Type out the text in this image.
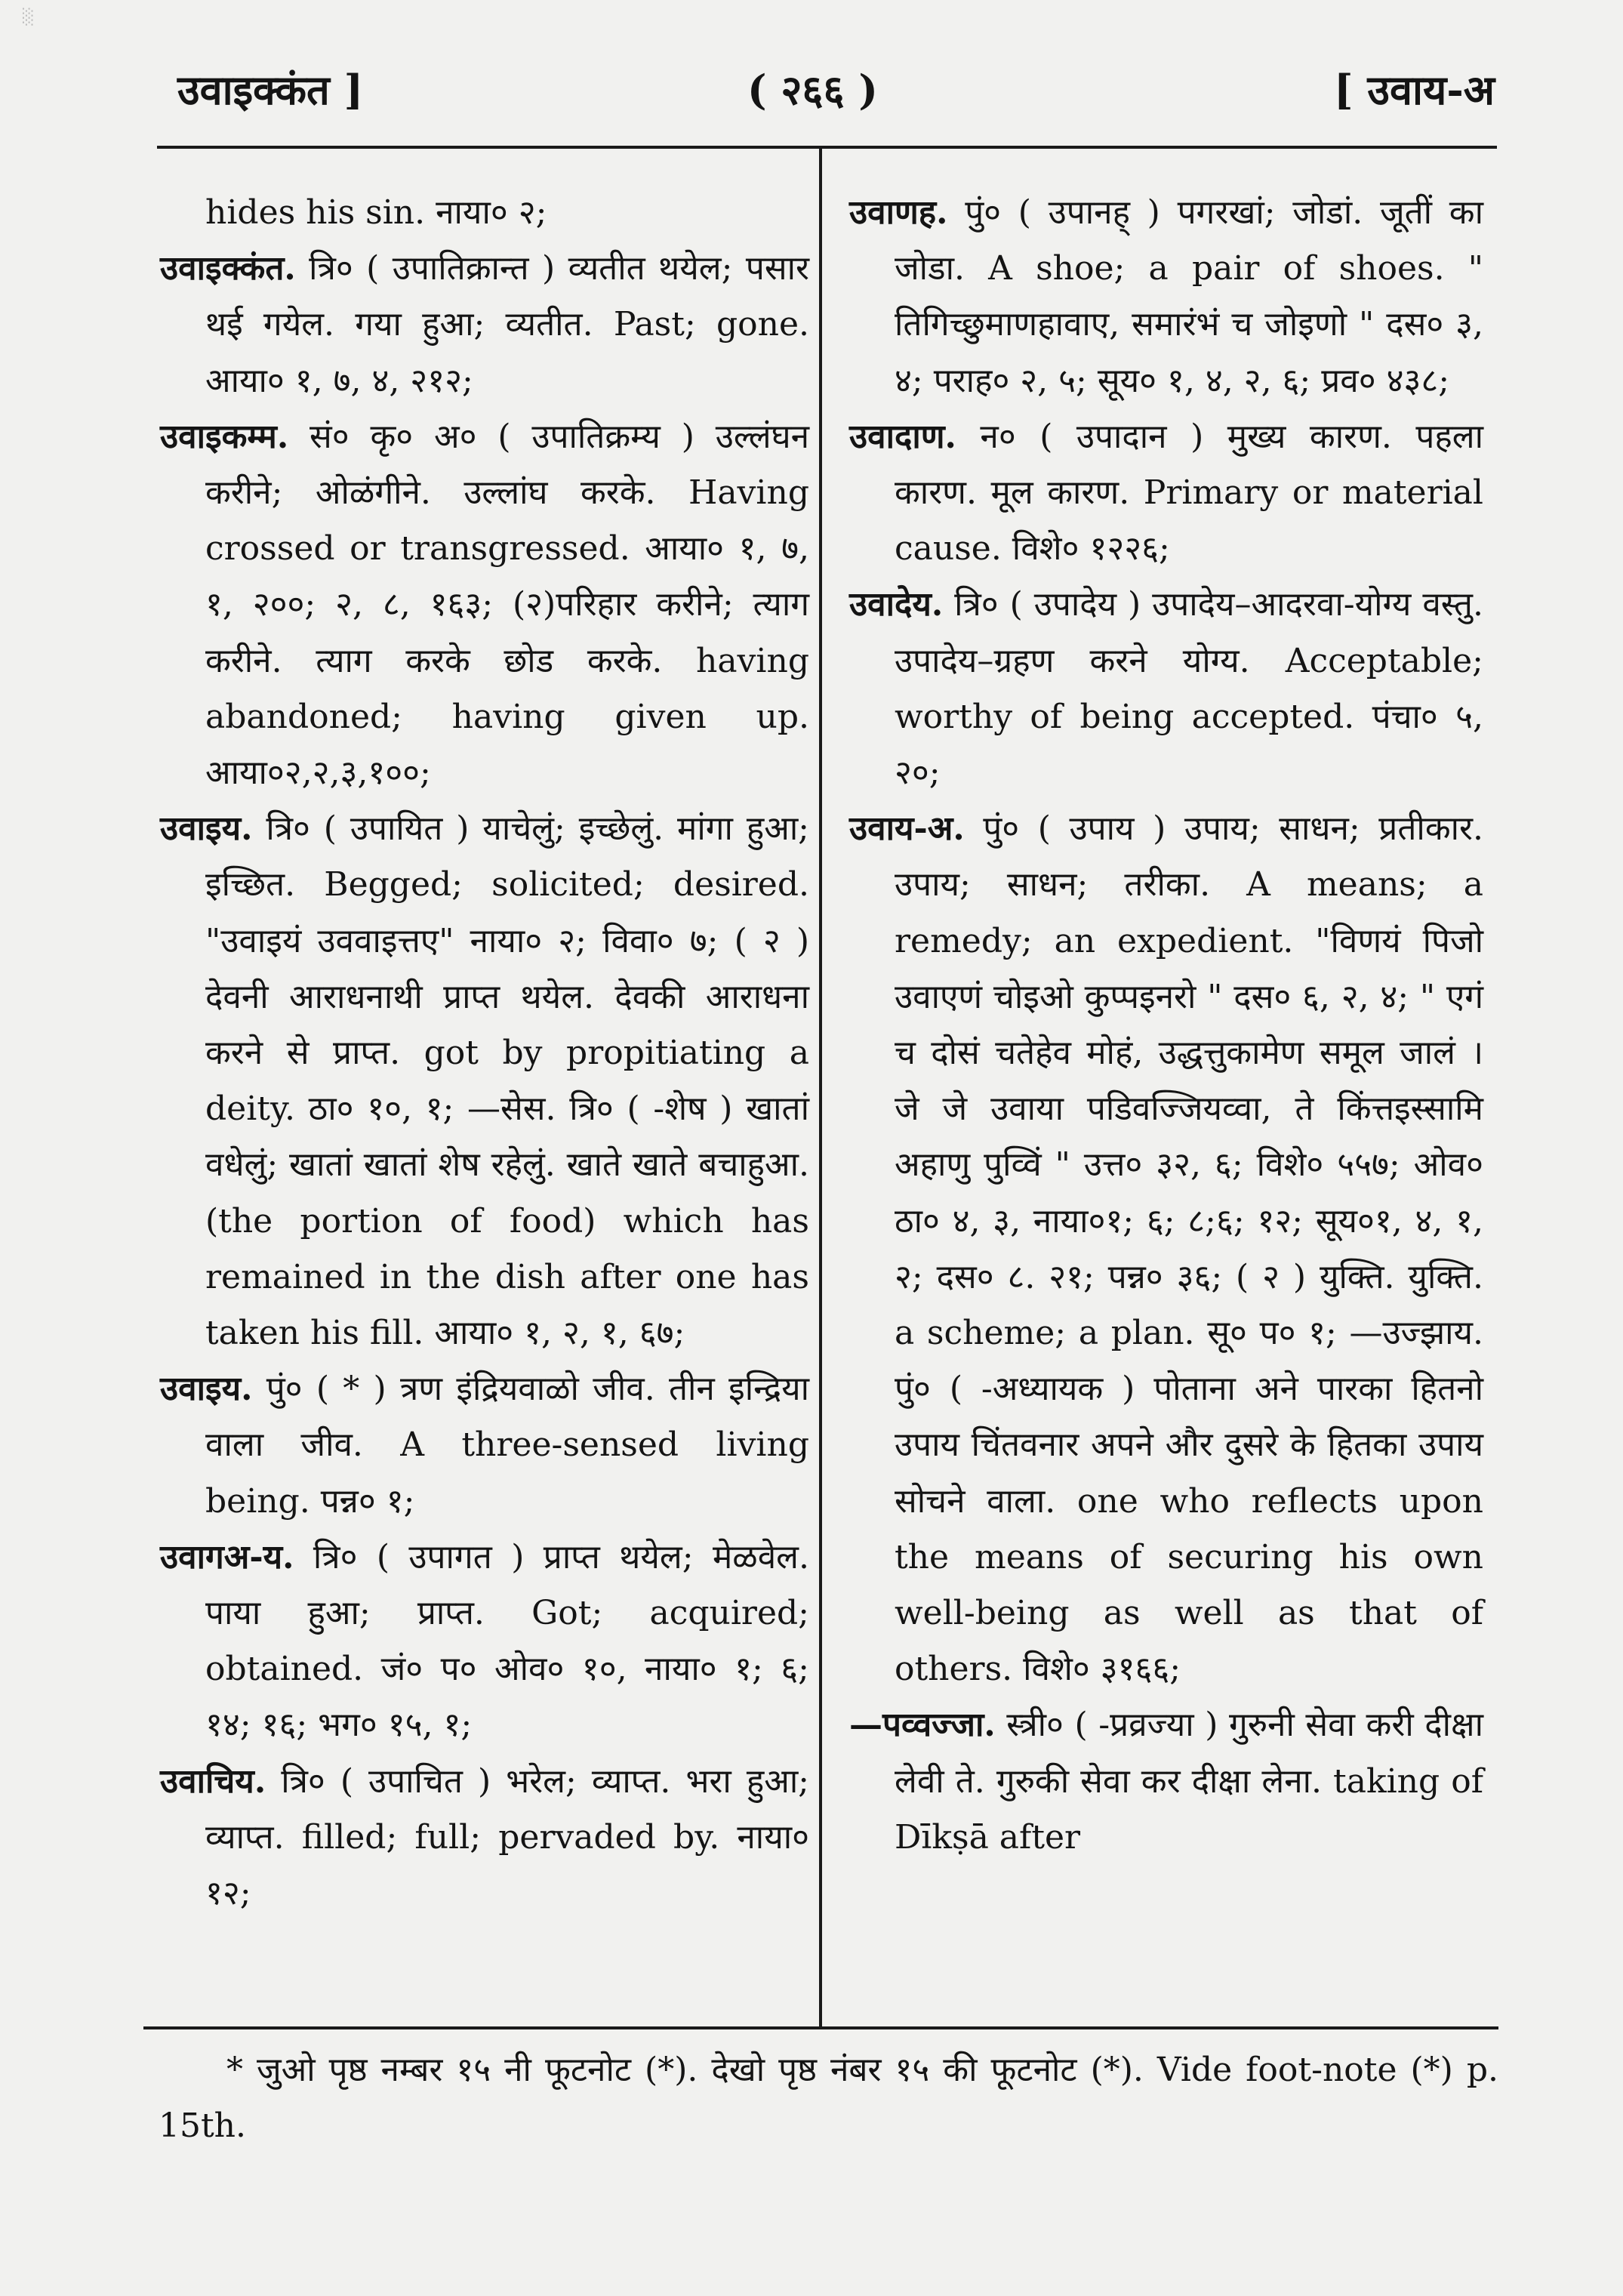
░
उवाइक्कंत ]	( २६६ )	[ उवाय-अ

hides his sin. नाया० २;

उवाइक्कंत. त्रि० ( उपातिक्रान्त ) व्यतीत थयेल; पसार थई गयेल. गया हुआ; व्यतीत. Past; gone. आया० १, ७, ४, २१२;

उवाइकम्म. सं० कृ० अ० ( उपातिक्रम्य ) उल्लंघन करीने; ओळंगीने. उल्लांघ करके. Having crossed or transgressed. आया० १, ७, १, २००; २, ८, १६३; (२)परिहार करीने; त्याग करीने. त्याग करके छोड करके. having abandoned; having given up. आया०२,२,३,१००;

उवाइय. त्रि० ( उपायित ) याचेलुं; इच्छेलुं. मांगा हुआ; इच्छित. Begged; solicited; desired. "उवाइयं उववाइत्तए" नाया० २; विवा० ७; ( २ ) देवनी आराधनाथी प्राप्त थयेल. देवकी आराधना करने से प्राप्त. got by propitiating a deity. ठा० १०, १; —सेस. त्रि० ( -शेष ) खातां वधेलुं; खातां खातां शेष रहेलुं. खाते खाते बचाहुआ.(the portion of food) which has remained in the dish after one has taken his fill. आया० १, २, १, ६७;

उवाइय. पुं० ( * ) त्रण इंद्रियवाळो जीव. तीन इन्द्रिया वाला जीव. A three-sensed living being. पन्न० १;

उवागअ-य. त्रि० ( उपागत ) प्राप्त थयेल; मेळवेल. पाया हुआ; प्राप्त. Got; acquired; obtained. जं० प० ओव० १०, नाया० १; ६; १४; १६; भग० १५, १;

उवाचिय. त्रि० ( उपाचित ) भरेल; व्याप्त. भरा हुआ; व्याप्त. filled; full; pervaded by. नाया० १२;

उवाणह. पुं० ( उपानह् ) पगरखां; जोडां. जूतीं का जोडा. A shoe; a pair of shoes. " तिगिच्छुमाणहावाए, समारंभं च जोइणो " दस० ३, ४; पराह० २, ५; सूय० १, ४, २, ६; प्रव० ४३८;

उवादाण. न० ( उपादान ) मुख्य कारण. पहला कारण. मूल कारण. Primary or material cause. विशे० १२२६;

उवादेय. त्रि० ( उपादेय ) उपादेय–आदरवा-योग्य वस्तु. उपादेय–ग्रहण करने योग्य. Acceptable; worthy of being accepted. पंचा० ५, २०;

उवाय-अ. पुं० ( उपाय ) उपाय; साधन; प्रतीकार. उपाय; साधन; तरीका. A means; a remedy; an expedient. "विणयं पिजो उवाएणं चोइओ कुप्पइनरो " दस० ६, २, ४; " एगं च दोसं चतेहेव मोहं, उद्धत्तुकामेण समूल जालं । जे जे उवाया पडिवज्जियव्वा, ते किंत्तइस्सामि अहाणु पुव्विं " उत्त० ३२, ६; विशे० ५५७; ओव० ठा० ४, ३, नाया०१; ६; ८;६; १२; सूय०१, ४, १, २; दस० ८. २१; पन्न० ३६; ( २ ) युक्ति. युक्ति. a scheme; a plan. सू० प० १; —उज्झाय. पुं० ( -अध्यायक ) पोताना अने पारका हितनो उपाय चिंतवनार अपने और दुसरे के हितका उपाय सोचने वाला. one who reflects upon the means of securing his own well-being as well as that of others. विशे० ३१६६;

—पव्वज्जा. स्त्री० ( -प्रव्रज्या ) गुरुनी सेवा करी दीक्षा लेवी ते. गुरुकी सेवा कर दीक्षा लेना. taking of Dīkṣā after

* जुओ पृष्ठ नम्बर १५ नी फूटनोट (*). देखो पृष्ठ नंबर १५ की फूटनोट (*). Vide foot-note (*) p. 15th.
